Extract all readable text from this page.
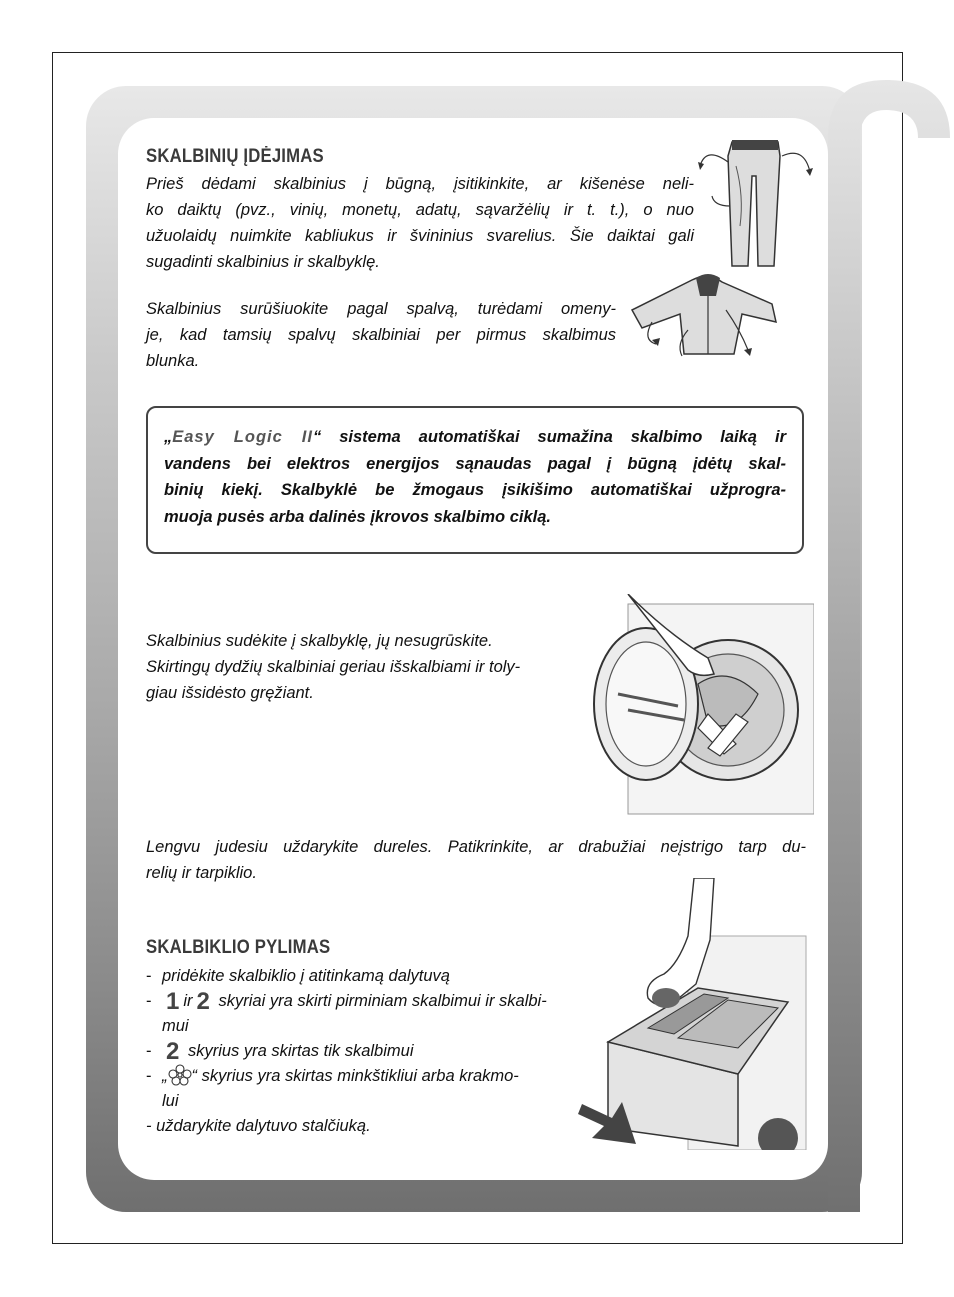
SKALBINIŲ ĮDĖJIMAS
Prieš dėdami skalbinius į būgną, įsitikinkite, ar kišenėse neli-
ko daiktų (pvz., vinių, monetų, adatų, sąvaržėlių ir t. t.), o nuo
užuolaidų nuimkite kabliukus ir švininius svarelius. Šie daiktai gali
sugadinti skalbinius ir skalbyklę.
Skalbinius surūšiuokite pagal spalvą, turėdami omeny-
je, kad tamsių spalvų skalbiniai per pirmus skalbimus
blunka.
„Easy Logic II“ sistema automatiškai sumažina skalbimo laiką ir
vandens bei elektros energijos sąnaudas pagal į būgną įdėtų skal-
binių kiekį. Skalbyklė be žmogaus įsikišimo automatiškai užprogra-
muoja pusės arba dalinės įkrovos skalbimo ciklą.
Skalbinius sudėkite į skalbyklę, jų nesugrūskite.
Skirtingų dydžių skalbiniai geriau išskalbiami ir toly-
giau išsidėsto gręžiant.
Lengvu judesiu uždarykite dureles. Patikrinkite, ar drabužiai neįstrigo tarp du-
relių ir tarpiklio.
SKALBIKLIO PYLIMAS
- pridėkite skalbiklio į atitinkamą dalytuvą
- 1 ir 2 skyriai yra skirti pirminiam skalbimui ir skalbi-
mui
- 2 skyrius yra skirtas tik skalbimui
- „ “ skyrius yra skirtas minkštikliui arba krakmo-
lui
- uždarykite dalytuvo stalčiuką.
